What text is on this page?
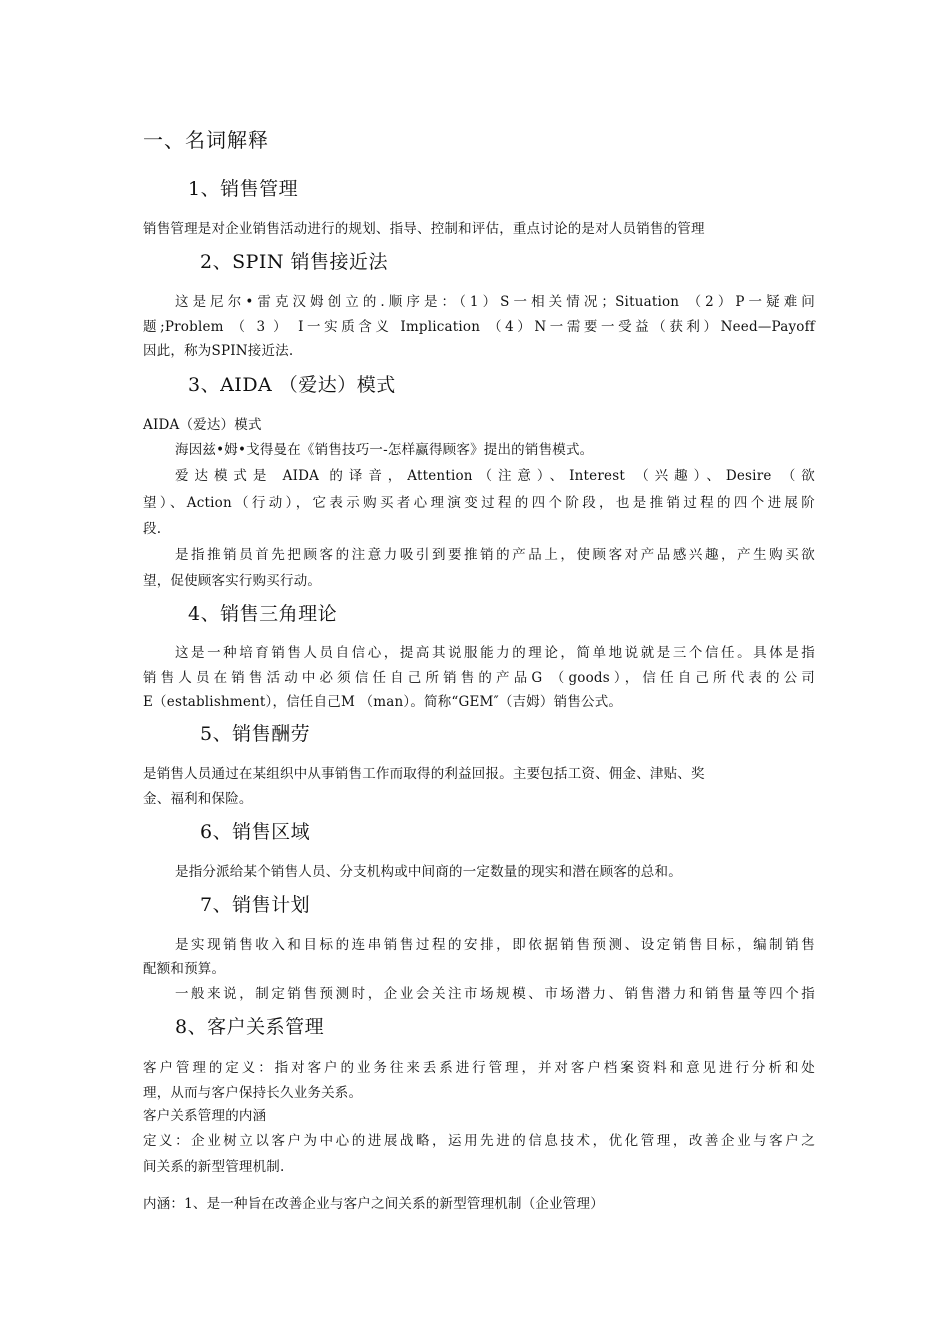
一、名词解释
1、销售管理
销售管理是对企业销售活动进行的规划、指导、控制和评估，重点讨论的是对人员销售的管理
2、SPIN 销售接近法
这是尼尔•雷克汉姆创立的.顺序是：（1）S一相关情况；Situation （2）P一疑难问
题;Problem （ 3 ） I一实质含义 Implication （4）N一需要一受益（获利）Need—Payoff
因此，称为SPIN接近法.
3、AIDA （爱达）模式
AIDA（爱达）模式
海因兹•姆•戈得曼在《销售技巧一-怎样赢得顾客》提出的销售模式。
爱达模式是 AIDA 的译音，Attention（注意）、Interest （兴趣）、Desire （欲
望）、Action（行动），它表示购买者心理演变过程的四个阶段，也是推销过程的四个进展阶
段.
是指推销员首先把顾客的注意力吸引到要推销的产品上，使顾客对产品感兴趣，产生购买欲
望，促使顾客实行购买行动。
4、销售三角理论
这是一种培育销售人员自信心，提高其说服能力的理论，简单地说就是三个信任。具体是指
销售人员在销售活动中必须信任自己所销售的产品G （goods），信任自己所代表的公司
E（establishment），信任自己M （man）。简称“GEM″（吉姆）销售公式。
5、销售酬劳
是销售人员通过在某组织中从事销售工作而取得的利益回报。主要包括工资、佣金、津贴、奖
金、福利和保险。
6、销售区域
是指分派给某个销售人员、分支机构或中间商的一定数量的现实和潜在顾客的总和。
7、销售计划
是实现销售收入和目标的连串销售过程的安排，即依据销售预测、设定销售目标，编制销售
配额和预算。
一般来说，制定销售预测时，企业会关注市场规模、市场潜力、销售潜力和销售量等四个指
8、客户关系管理
客户管理的定义：指对客户的业务往来丢系进行管理，并对客户档案资料和意见进行分析和处
理，从而与客户保持长久业务关系。
客户关系管理的内涵
定义：企业树立以客户为中心的进展战略，运用先进的信息技术，优化管理，改善企业与客户之
间关系的新型管理机制.
内涵：1、是一种旨在改善企业与客户之间关系的新型管理机制（企业管理）
